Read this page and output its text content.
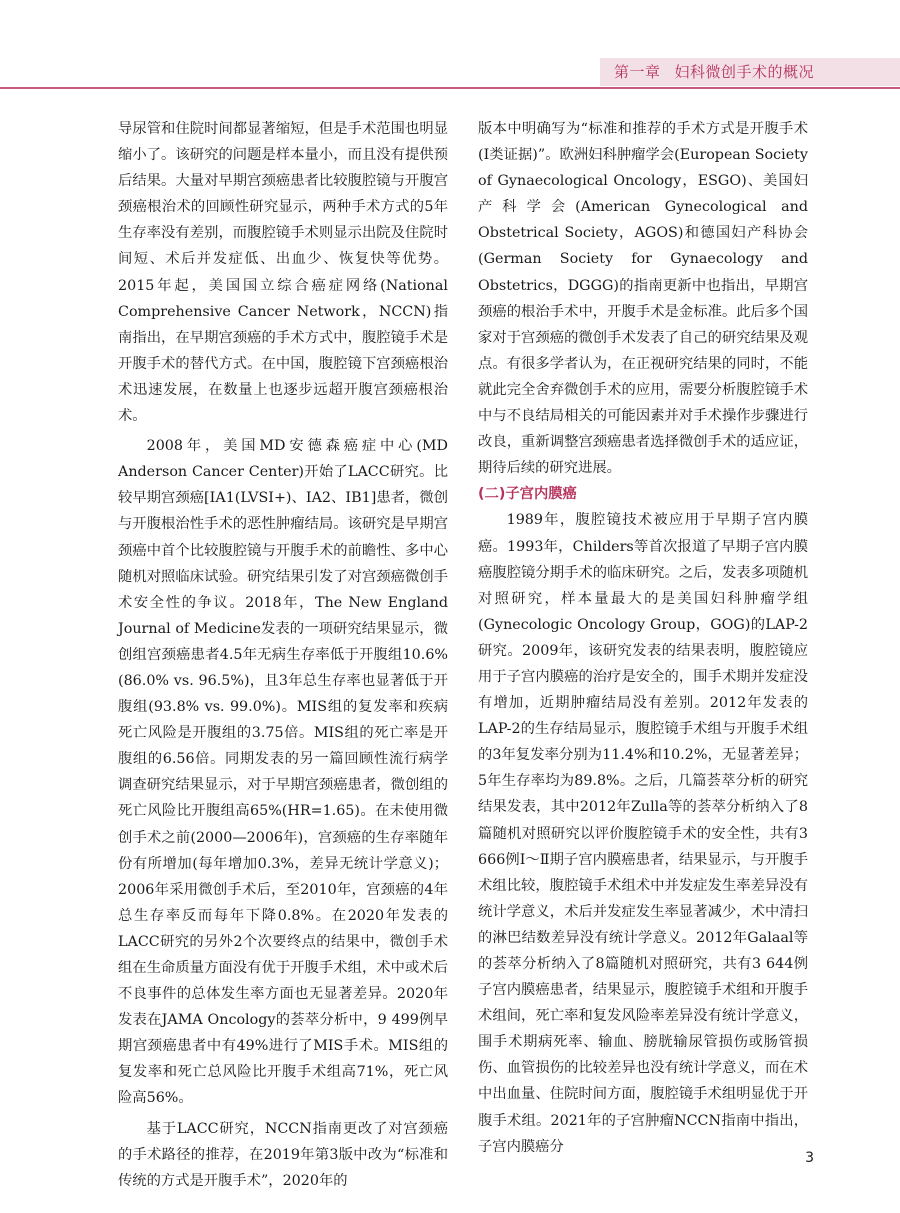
第一章 妇科微创手术的概况

导尿管和住院时间都显著缩短，但是手术范围也明显缩小了。该研究的问题是样本量小，而且没有提供预后结果。大量对早期宫颈癌患者比较腹腔镜与开腹宫颈癌根治术的回顾性研究显示，两种手术方式的5年生存率没有差别，而腹腔镜手术则显示出院及住院时间短、术后并发症低、出血少、恢复快等优势。2015年起，美国国立综合癌症网络(National Comprehensive Cancer Network，NCCN)指南指出，在早期宫颈癌的手术方式中，腹腔镜手术是开腹手术的替代方式。在中国，腹腔镜下宫颈癌根治术迅速发展，在数量上也逐步远超开腹宫颈癌根治术。

2008年，美国MD安德森癌症中心(MD Anderson Cancer Center)开始了LACC研究。比较早期宫颈癌[ⅠA1(LVSI+)、ⅠA2、ⅠB1]患者，微创与开腹根治性手术的恶性肿瘤结局。该研究是早期宫颈癌中首个比较腹腔镜与开腹手术的前瞻性、多中心随机对照临床试验。研究结果引发了对宫颈癌微创手术安全性的争议。2018年，The New England Journal of Medicine发表的一项研究结果显示，微创组宫颈癌患者4.5年无病生存率低于开腹组10.6%(86.0% vs. 96.5%)，且3年总生存率也显著低于开腹组(93.8% vs. 99.0%)。MIS组的复发率和疾病死亡风险是开腹组的3.75倍。MIS组的死亡率是开腹组的6.56倍。同期发表的另一篇回顾性流行病学调查研究结果显示，对于早期宫颈癌患者，微创组的死亡风险比开腹组高65%(HR=1.65)。在未使用微创手术之前(2000—2006年)，宫颈癌的生存率随年份有所增加(每年增加0.3%，差异无统计学意义)；2006年采用微创手术后，至2010年，宫颈癌的4年总生存率反而每年下降0.8%。在2020年发表的LACC研究的另外2个次要终点的结果中，微创手术组在生命质量方面没有优于开腹手术组，术中或术后不良事件的总体发生率方面也无显著差异。2020年发表在JAMA Oncology的荟萃分析中，9 499例早期宫颈癌患者中有49%进行了MIS手术。MIS组的复发率和死亡总风险比开腹手术组高71%，死亡风险高56%。

基于LACC研究，NCCN指南更改了对宫颈癌的手术路径的推荐，在2019年第3版中改为“标准和传统的方式是开腹手术”，2020年的

版本中明确写为“标准和推荐的手术方式是开腹手术(Ⅰ类证据)”。欧洲妇科肿瘤学会(European Society of Gynaecological Oncology，ESGO)、美国妇产科学会(American Gynecological and Obstetrical Society，AGOS)和德国妇产科协会(German Society for Gynaecology and Obstetrics，DGGG)的指南更新中也指出，早期宫颈癌的根治手术中，开腹手术是金标准。此后多个国家对于宫颈癌的微创手术发表了自己的研究结果及观点。有很多学者认为，在正视研究结果的同时，不能就此完全舍弃微创手术的应用，需要分析腹腔镜手术中与不良结局相关的可能因素并对手术操作步骤进行改良，重新调整宫颈癌患者选择微创手术的适应证，期待后续的研究进展。

(二)子宫内膜癌

1989年，腹腔镜技术被应用于早期子宫内膜癌。1993年，Childers等首次报道了早期子宫内膜癌腹腔镜分期手术的临床研究。之后，发表多项随机对照研究，样本量最大的是美国妇科肿瘤学组(Gynecologic Oncology Group，GOG)的LAP-2研究。2009年，该研究发表的结果表明，腹腔镜应用于子宫内膜癌的治疗是安全的，围手术期并发症没有增加，近期肿瘤结局没有差别。2012年发表的LAP-2的生存结局显示，腹腔镜手术组与开腹手术组的3年复发率分别为11.4%和10.2%，无显著差异；5年生存率均为89.8%。之后，几篇荟萃分析的研究结果发表，其中2012年Zulla等的荟萃分析纳入了8篇随机对照研究以评价腹腔镜手术的安全性，共有3 666例Ⅰ～Ⅱ期子宫内膜癌患者，结果显示，与开腹手术组比较，腹腔镜手术组术中并发症发生率差异没有统计学意义，术后并发症发生率显著减少，术中清扫的淋巴结数差异没有统计学意义。2012年Galaal等的荟萃分析纳入了8篇随机对照研究，共有3 644例子宫内膜癌患者，结果显示，腹腔镜手术组和开腹手术组间，死亡率和复发风险率差异没有统计学意义，围手术期病死率、输血、膀胱输尿管损伤或肠管损伤、血管损伤的比较差异也没有统计学意义，而在术中出血量、住院时间方面，腹腔镜手术组明显优于开腹手术组。2021年的子宫肿瘤NCCN指南中指出，子宫内膜癌分

3
